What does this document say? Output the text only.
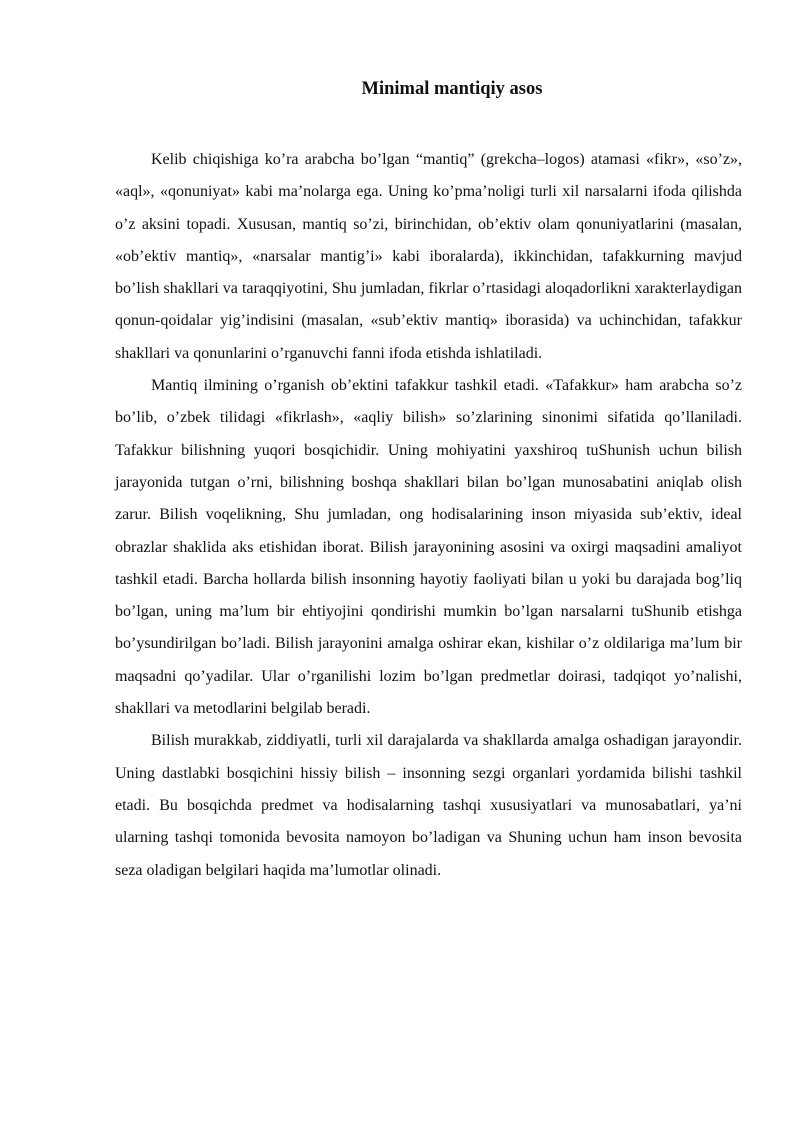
Minimal mantiqiy asos

Kelib chiqishiga ko’ra arabcha bo’lgan “mantiq” (grekcha–logos) atamasi «fikr», «so’z», «aql», «qonuniyat» kabi ma’nolarga ega. Uning ko’pma’noligi turli xil narsalarni ifoda qilishda o’z aksini topadi. Xususan, mantiq so’zi, birinchidan, ob’ektiv olam qonuniyatlarini (masalan, «ob’ektiv mantiq», «narsalar mantig’i» kabi iboralarda), ikkinchidan, tafakkurning mavjud bo’lish shakllari va taraqqiyotini, Shu jumladan, fikrlar o’rtasidagi aloqadorlikni xarakterlaydigan qonun-qoidalar yig’indisini (masalan, «sub’ektiv mantiq» iborasida) va uchinchidan, tafakkur shakllari va qonunlarini o’rganuvchi fanni ifoda etishda ishlatiladi.

Mantiq ilmining o’rganish ob’ektini tafakkur tashkil etadi. «Tafakkur» ham arabcha so’z bo’lib, o’zbek tilidagi «fikrlash», «aqliy bilish» so’zlarining sinonimi sifatida qo’llaniladi. Tafakkur bilishning yuqori bosqichidir. Uning mohiyatini yaxshiroq tuShunish uchun bilish jarayonida tutgan o’rni, bilishning boshqa shakllari bilan bo’lgan munosabatini aniqlab olish zarur. Bilish voqelikning, Shu jumladan, ong hodisalarining inson miyasida sub’ektiv, ideal obrazlar shaklida aks etishidan iborat. Bilish jarayonining asosini va oxirgi maqsadini amaliyot tashkil etadi. Barcha hollarda bilish insonning hayotiy faoliyati bilan u yoki bu darajada bog’liq bo’lgan, uning ma’lum bir ehtiyojini qondirishi mumkin bo’lgan narsalarni tuShunib etishga bo’ysundirilgan bo’ladi. Bilish jarayonini amalga oshirar ekan, kishilar o’z oldilariga ma’lum bir maqsadni qo’yadilar. Ular o’rganilishi lozim bo’lgan predmetlar doirasi, tadqiqot yo’nalishi, shakllari va metodlarini belgilab beradi.

Bilish murakkab, ziddiyatli, turli xil darajalarda va shakllarda amalga oshadigan jarayondir. Uning dastlabki bosqichini hissiy bilish – insonning sezgi organlari yordamida bilishi tashkil etadi. Bu bosqichda predmet va hodisalarning tashqi xususiyatlari va munosabatlari, ya’ni ularning tashqi tomonida bevosita namoyon bo’ladigan va Shuning uchun ham inson bevosita seza oladigan belgilari haqida ma’lumotlar olinadi.
